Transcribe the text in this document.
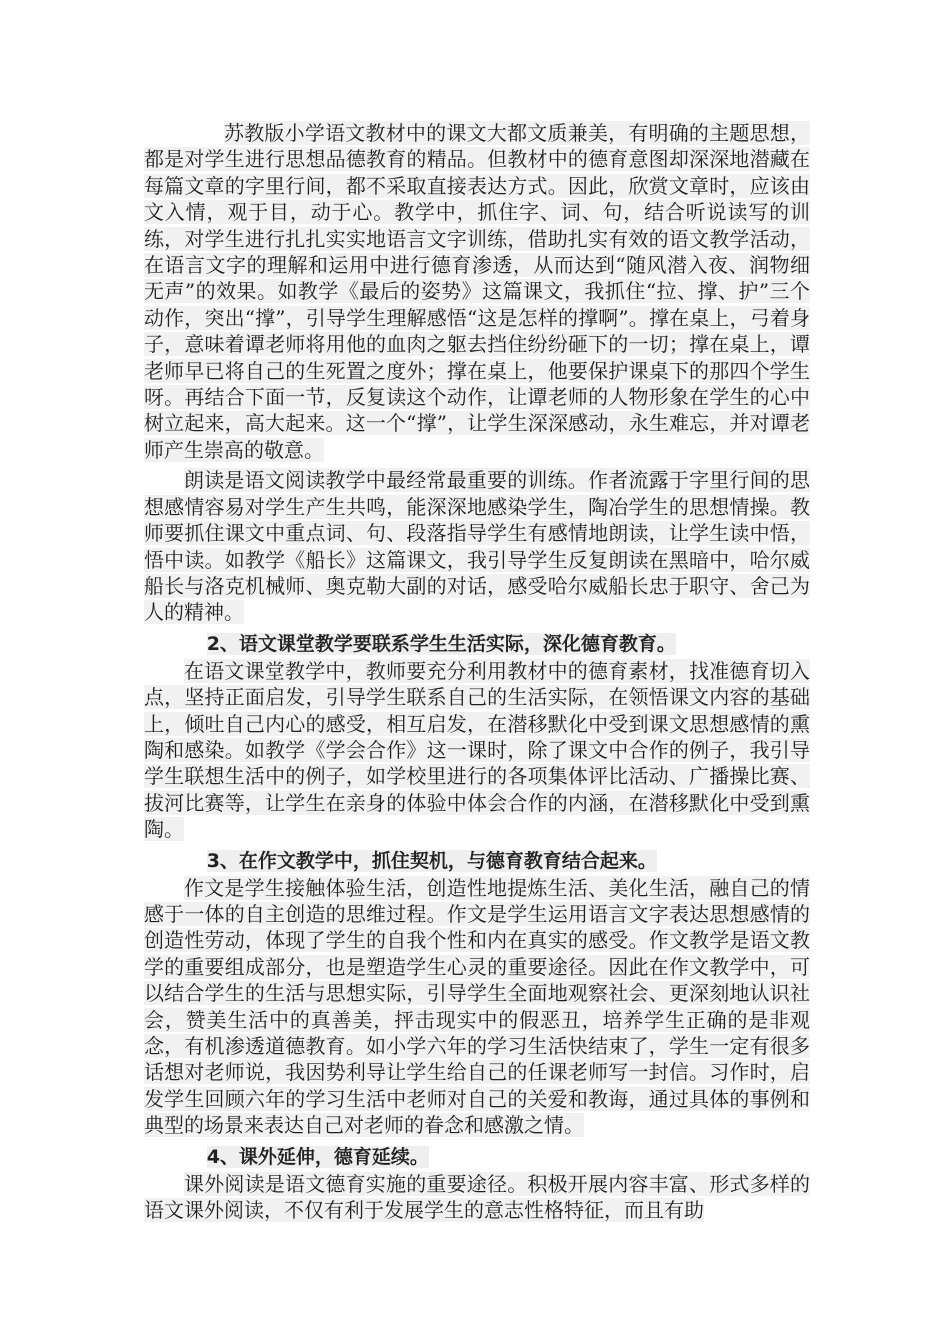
苏教版小学语文教材中的课文大都文质兼美，有明确的主题思想，都是对学生进行思想品德教育的精品。但教材中的德育意图却深深地潜藏在每篇文章的字里行间，都不采取直接表达方式。因此，欣赏文章时，应该由文入情，观于目，动于心。教学中，抓住字、词、句，结合听说读写的训练，对学生进行扎扎实实地语言文字训练，借助扎实有效的语文教学活动，在语言文字的理解和运用中进行德育渗透，从而达到“随风潜入夜、润物细无声”的效果。如教学《最后的姿势》这篇课文，我抓住“拉、撑、护”三个动作，突出“撑”，引导学生理解感悟“这是怎样的撑啊”。撑在桌上，弓着身子，意味着谭老师将用他的血肉之躯去挡住纷纷砸下的一切；撑在桌上，谭老师早已将自己的生死置之度外；撑在桌上，他要保护课桌下的那四个学生呀。再结合下面一节，反复读这个动作，让谭老师的人物形象在学生的心中树立起来，高大起来。这一个“撑”，让学生深深感动，永生难忘，并对谭老师产生崇高的敬意。

朗读是语文阅读教学中最经常最重要的训练。作者流露于字里行间的思想感情容易对学生产生共鸣，能深深地感染学生，陶冶学生的思想情操。教师要抓住课文中重点词、句、段落指导学生有感情地朗读，让学生读中悟，悟中读。如教学《船长》这篇课文，我引导学生反复朗读在黑暗中，哈尔威船长与洛克机械师、奥克勒大副的对话，感受哈尔威船长忠于职守、舍己为人的精神。

2、语文课堂教学要联系学生生活实际，深化德育教育。

在语文课堂教学中，教师要充分利用教材中的德育素材，找准德育切入点，坚持正面启发，引导学生联系自己的生活实际，在领悟课文内容的基础上，倾吐自己内心的感受，相互启发，在潜移默化中受到课文思想感情的熏陶和感染。如教学《学会合作》这一课时，除了课文中合作的例子，我引导学生联想生活中的例子，如学校里进行的各项集体评比活动、广播操比赛、拔河比赛等，让学生在亲身的体验中体会合作的内涵，在潜移默化中受到熏陶。

3、在作文教学中，抓住契机，与德育教育结合起来。

作文是学生接触体验生活，创造性地提炼生活、美化生活，融自己的情感于一体的自主创造的思维过程。作文是学生运用语言文字表达思想感情的创造性劳动，体现了学生的自我个性和内在真实的感受。作文教学是语文教学的重要组成部分，也是塑造学生心灵的重要途径。因此在作文教学中，可以结合学生的生活与思想实际，引导学生全面地观察社会、更深刻地认识社会，赞美生活中的真善美，抨击现实中的假恶丑，培养学生正确的是非观念，有机渗透道德教育。如小学六年的学习生活快结束了，学生一定有很多话想对老师说，我因势利导让学生给自己的任课老师写一封信。习作时，启发学生回顾六年的学习生活中老师对自己的关爱和教诲，通过具体的事例和典型的场景来表达自己对老师的眷念和感激之情。

4、课外延伸，德育延续。

课外阅读是语文德育实施的重要途径。积极开展内容丰富、形式多样的语文课外阅读，不仅有利于发展学生的意志性格特征，而且有助
